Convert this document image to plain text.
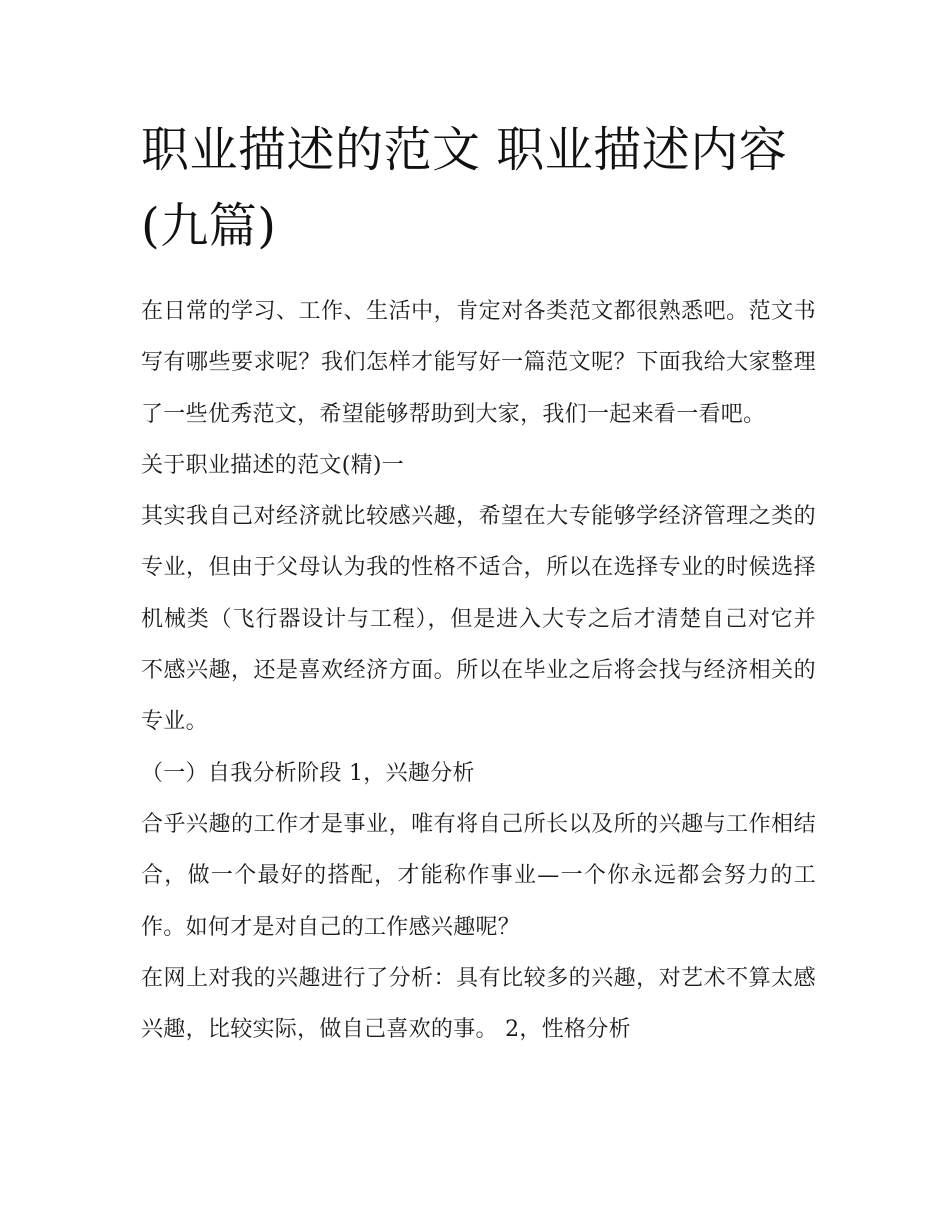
职业描述的范文 职业描述内容(九篇)

在日常的学习、工作、生活中，肯定对各类范文都很熟悉吧。范文书写有哪些要求呢？我们怎样才能写好一篇范文呢？下面我给大家整理了一些优秀范文，希望能够帮助到大家，我们一起来看一看吧。

关于职业描述的范文(精)一

其实我自己对经济就比较感兴趣，希望在大专能够学经济管理之类的专业，但由于父母认为我的性格不适合，所以在选择专业的时候选择机械类（飞行器设计与工程），但是进入大专之后才清楚自己对它并不感兴趣，还是喜欢经济方面。所以在毕业之后将会找与经济相关的专业。

（一）自我分析阶段 1，兴趣分析

合乎兴趣的工作才是事业，唯有将自己所长以及所的兴趣与工作相结合，做一个最好的搭配，才能称作事业—一个你永远都会努力的工作。如何才是对自己的工作感兴趣呢？

在网上对我的兴趣进行了分析：具有比较多的兴趣，对艺术不算太感兴趣，比较实际，做自己喜欢的事。 2，性格分析
